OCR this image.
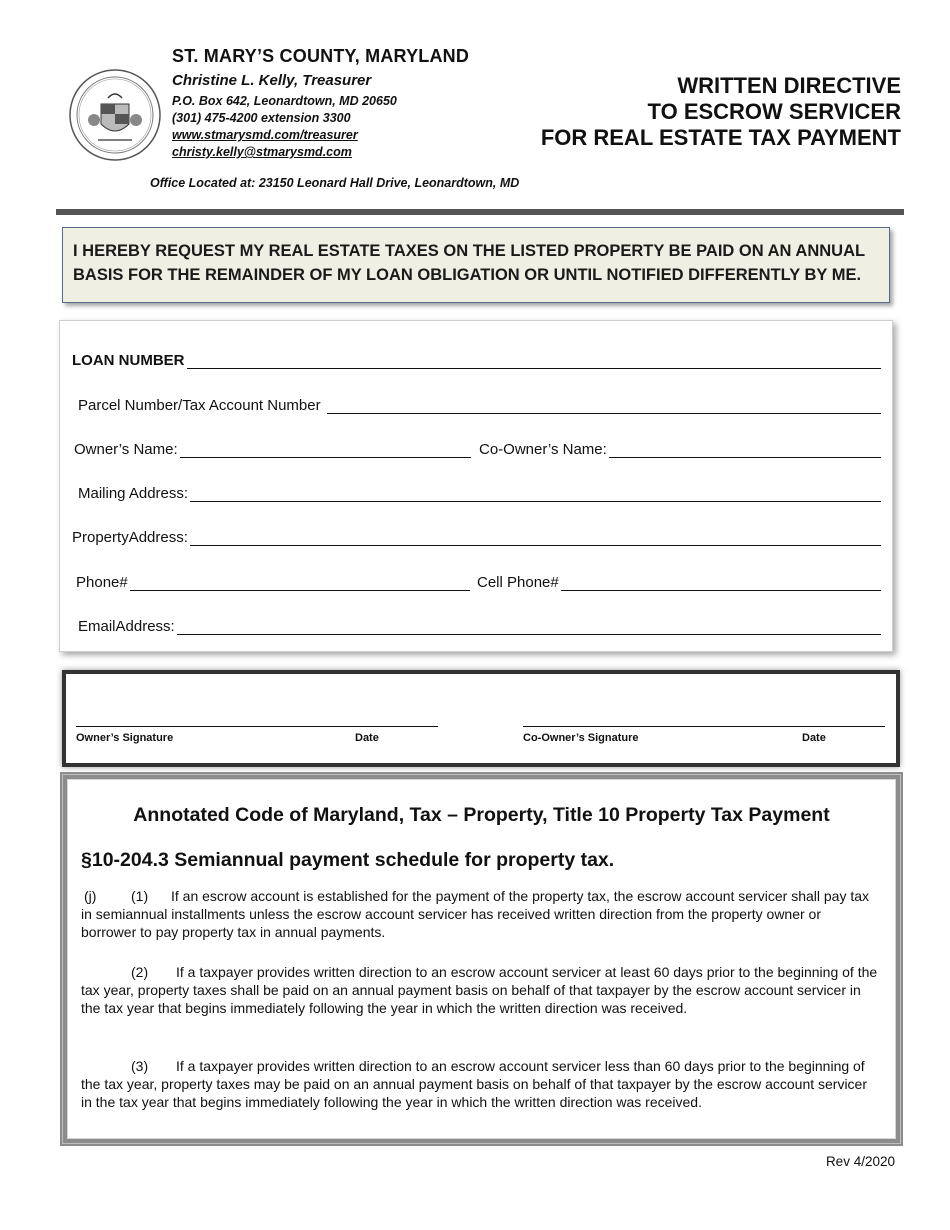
ST. MARY’S COUNTY, MARYLAND
Christine L. Kelly, Treasurer
P.O. Box 642, Leonardtown, MD 20650
(301) 475-4200 extension 3300
www.stmarysmd.com/treasurer
christy.kelly@stmarysmd.com
Office Located at: 23150 Leonard Hall Drive, Leonardtown, MD
WRITTEN DIRECTIVE
TO ESCROW SERVICER
FOR REAL ESTATE TAX PAYMENT
I HEREBY REQUEST MY REAL ESTATE TAXES ON THE LISTED PROPERTY BE PAID ON AN ANNUAL BASIS FOR THE REMAINDER OF MY LOAN OBLIGATION OR UNTIL NOTIFIED DIFFERENTLY BY ME.
LOAN NUMBER
Parcel Number/Tax Account Number
Owner’s Name:	Co-Owner’s Name:
Mailing Address:
PropertyAddress:
Phone#	Cell Phone#
EmailAddress:
Owner’s Signature	Date	Co-Owner’s Signature	Date
Annotated Code of Maryland, Tax – Property, Title 10 Property Tax Payment
§10-204.3 Semiannual payment schedule for property tax.
(j) (1) If an escrow account is established for the payment of the property tax, the escrow account servicer shall pay tax in semiannual installments unless the escrow account servicer has received written direction from the property owner or borrower to pay property tax in annual payments.
(2) If a taxpayer provides written direction to an escrow account servicer at least 60 days prior to the beginning of the tax year, property taxes shall be paid on an annual payment basis on behalf of that taxpayer by the escrow account servicer in the tax year that begins immediately following the year in which the written direction was received.
(3) If a taxpayer provides written direction to an escrow account servicer less than 60 days prior to the beginning of the tax year, property taxes may be paid on an annual payment basis on behalf of that taxpayer by the escrow account servicer in the tax year that begins immediately following the year in which the written direction was received.
Rev 4/2020
